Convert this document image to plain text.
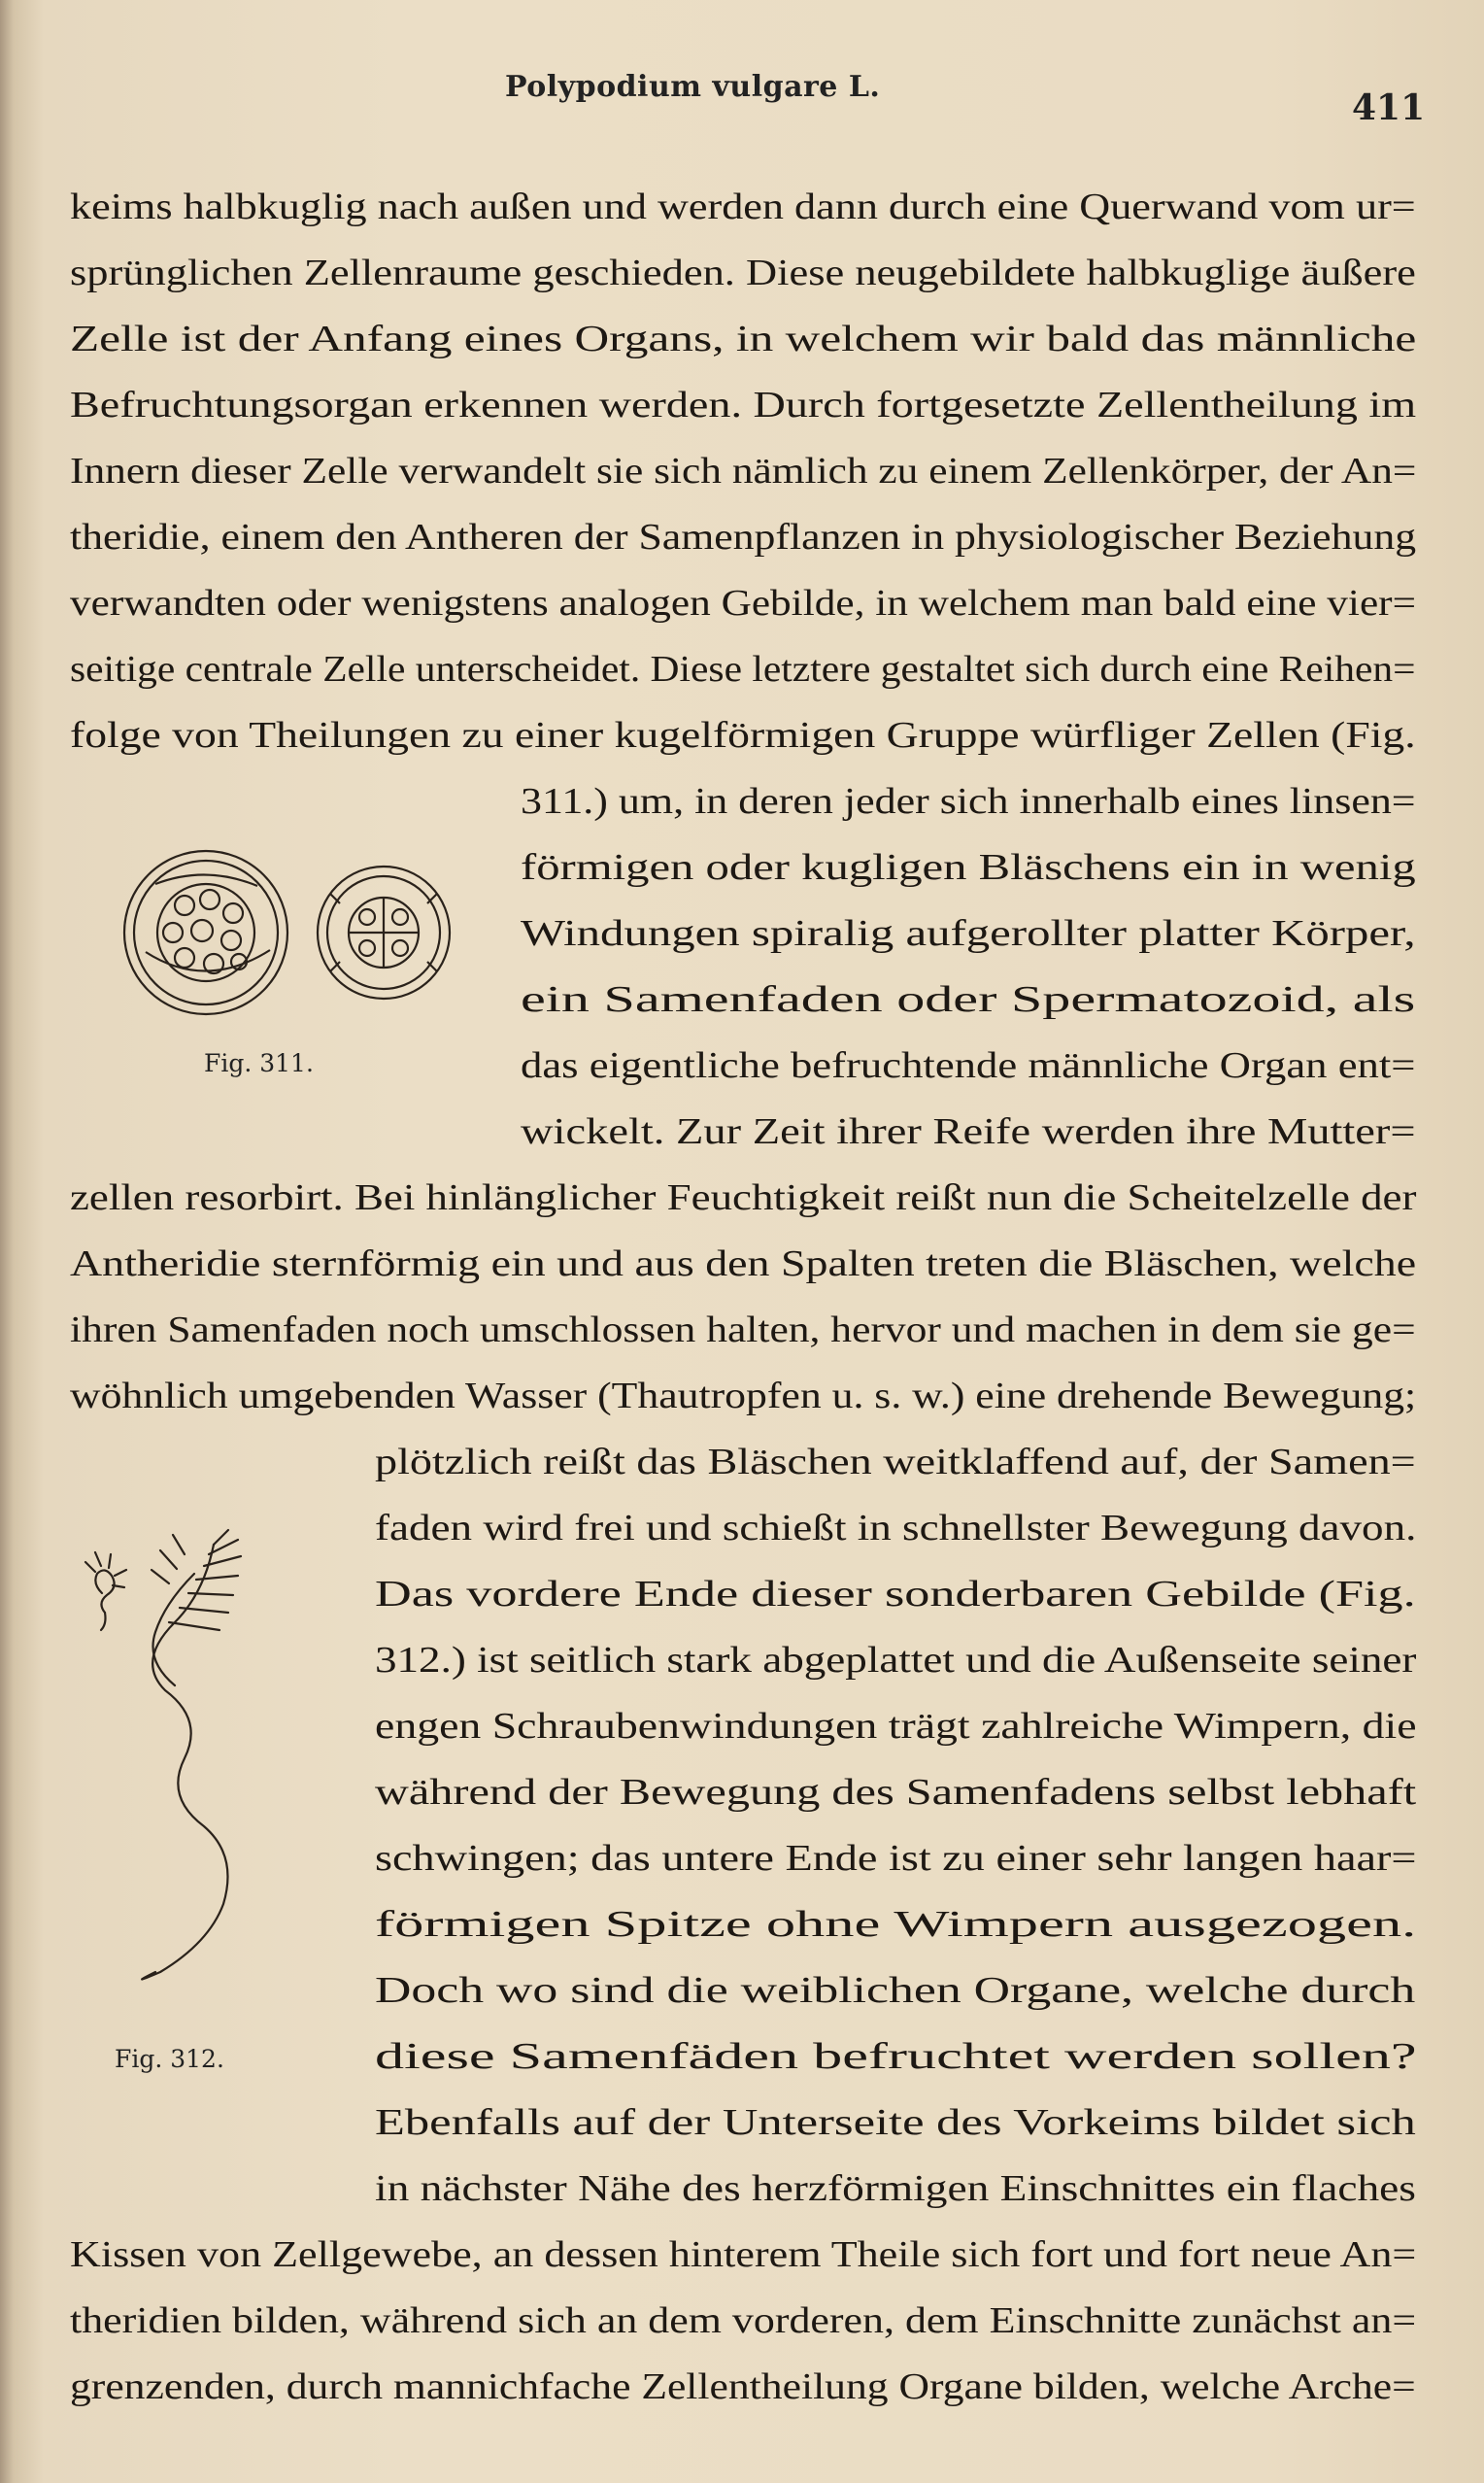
Polypodium vulgare L.
411
keims halbkuglig nach außen und werden dann durch eine Querwand vom ur=
sprünglichen Zellenraume geschieden. Diese neugebildete halbkuglige äußere
Zelle ist der Anfang eines Organs, in welchem wir bald das männliche
Befruchtungsorgan erkennen werden. Durch fortgesetzte Zellentheilung im
Innern dieser Zelle verwandelt sie sich nämlich zu einem Zellenkörper, der An=
theridie, einem den Antheren der Samenpflanzen in physiologischer Beziehung
verwandten oder wenigstens analogen Gebilde, in welchem man bald eine vier=
seitige centrale Zelle unterscheidet. Diese letztere gestaltet sich durch eine Reihen=
folge von Theilungen zu einer kugelförmigen Gruppe würfliger Zellen (Fig.
311.) um, in deren jeder sich innerhalb eines linsen=
förmigen oder kugligen Bläschens ein in wenig
Windungen spiralig aufgerollter platter Körper,
ein Samenfaden oder Spermatozoid, als
das eigentliche befruchtende männliche Organ ent=
wickelt. Zur Zeit ihrer Reife werden ihre Mutter=
zellen resorbirt. Bei hinlänglicher Feuchtigkeit reißt nun die Scheitelzelle der
Antheridie sternförmig ein und aus den Spalten treten die Bläschen, welche
ihren Samenfaden noch umschlossen halten, hervor und machen in dem sie ge=
wöhnlich umgebenden Wasser (Thautropfen u. s. w.) eine drehende Bewegung;
plötzlich reißt das Bläschen weitklaffend auf, der Samen=
faden wird frei und schießt in schnellster Bewegung davon.
Das vordere Ende dieser sonderbaren Gebilde (Fig.
312.) ist seitlich stark abgeplattet und die Außenseite seiner
engen Schraubenwindungen trägt zahlreiche Wimpern, die
während der Bewegung des Samenfadens selbst lebhaft
schwingen; das untere Ende ist zu einer sehr langen haar=
förmigen Spitze ohne Wimpern ausgezogen.
Doch wo sind die weiblichen Organe, welche durch
diese Samenfäden befruchtet werden sollen?
Ebenfalls auf der Unterseite des Vorkeims bildet sich
in nächster Nähe des herzförmigen Einschnittes ein flaches
Kissen von Zellgewebe, an dessen hinterem Theile sich fort und fort neue An=
theridien bilden, während sich an dem vorderen, dem Einschnitte zunächst an=
grenzenden, durch mannichfache Zellentheilung Organe bilden, welche Arche=
Fig. 311.
Fig. 312.
